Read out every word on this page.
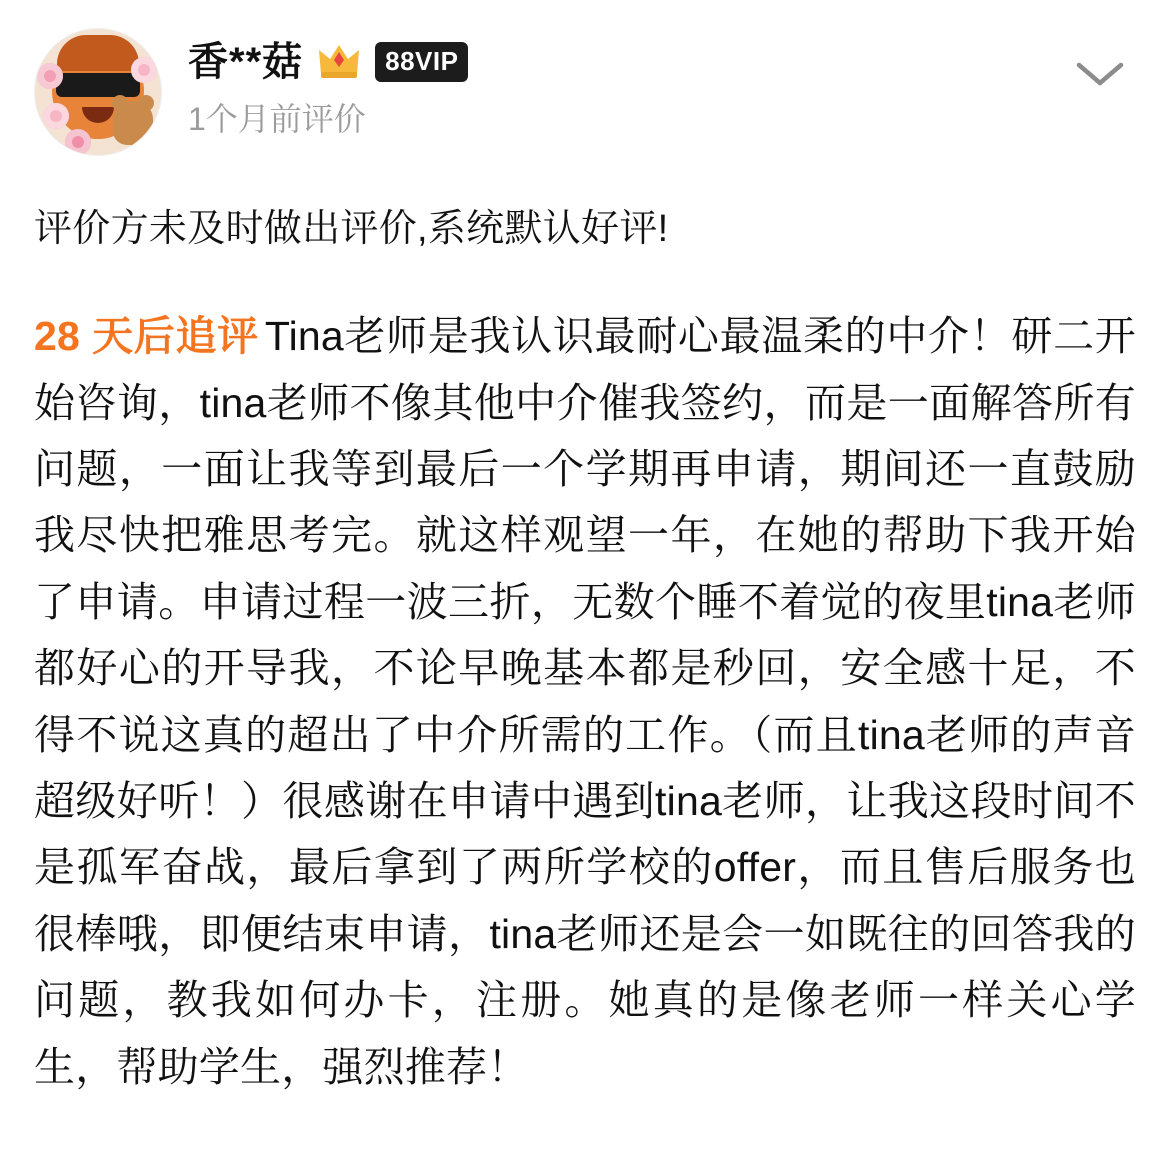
香**菇	88VIP
1个月前评价
评价方未及时做出评价,系统默认好评!
28 天后追评 Tina老师是我认识最耐心最温柔的中介！研二开始咨询，tina老师不像其他中介催我签约，而是一面解答所有问题，一面让我等到最后一个学期再申请，期间还一直鼓励我尽快把雅思考完。就这样观望一年，在她的帮助下我开始了申请。申请过程一波三折，无数个睡不着觉的夜里tina老师都好心的开导我，不论早晚基本都是秒回，安全感十足，不得不说这真的超出了中介所需的工作。（而且tina老师的声音超级好听！）很感谢在申请中遇到tina老师，让我这段时间不是孤军奋战，最后拿到了两所学校的offer，而且售后服务也很棒哦，即便结束申请，tina老师还是会一如既往的回答我的问题，教我如何办卡，注册。她真的是像老师一样关心学生，帮助学生，强烈推荐！
